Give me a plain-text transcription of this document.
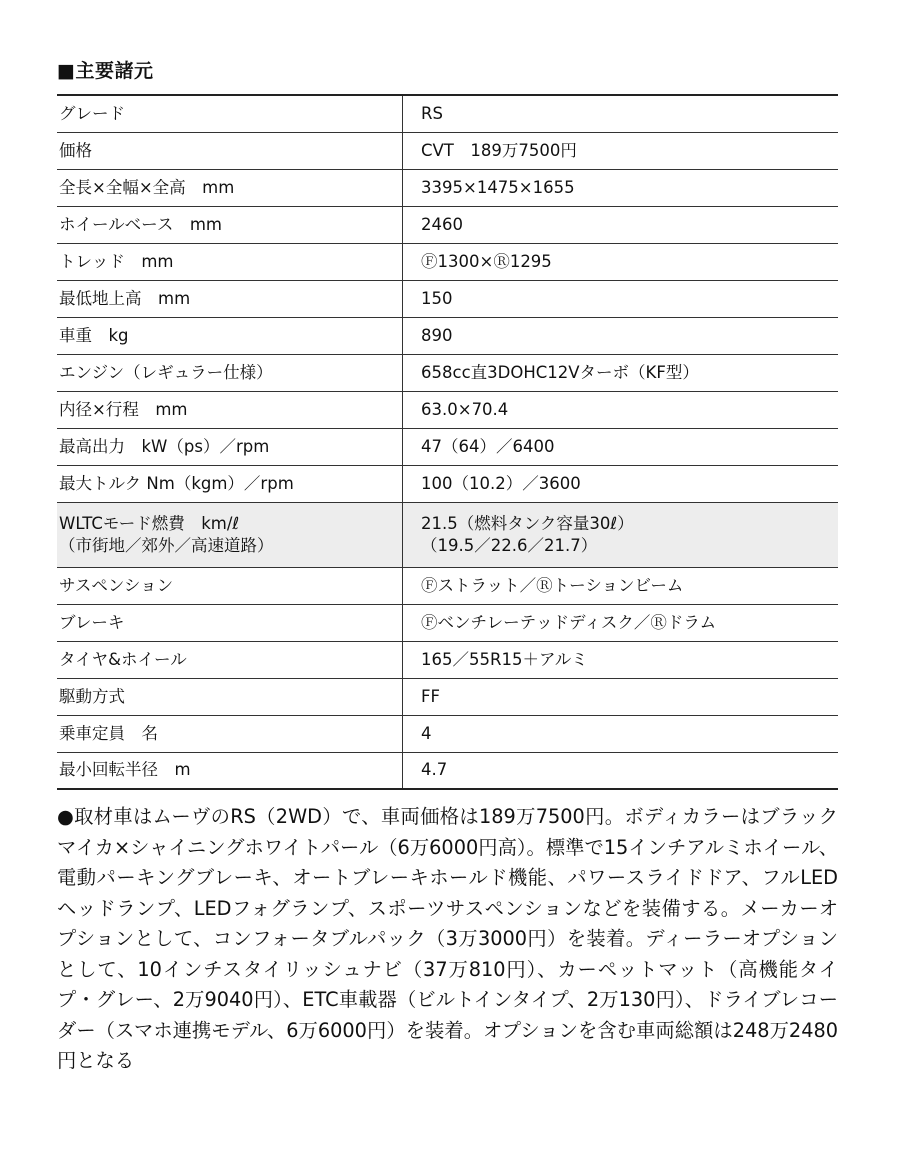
■主要諸元
グレード	RS

価格	CVT　189万7500円

全長×全幅×全高　mm	3395×1475×1655

ホイールベース　mm	2460

トレッド　mm	Ⓕ1300×Ⓡ1295

最低地上高　mm	150

車重　kg	890

エンジン（レギュラー仕様）	658cc直3DOHC12Vターボ（KF型）

内径×行程　mm	63.0×70.4

最高出力　kW（ps）／rpm	47（64）／6400

最大トルク Nm（kgm）／rpm	100（10.2）／3600

WLTCモード燃費　km/ℓ
（市街地／郊外／高速道路）	21.5（燃料タンク容量30ℓ）
（19.5／22.6／21.7）

サスペンション	Ⓕストラット／Ⓡトーションビーム

ブレーキ	Ⓕベンチレーテッドディスク／Ⓡドラム

タイヤ&ホイール	165／55R15＋アルミ

駆動方式	FF

乗車定員　名	4

最小回転半径　m	4.7
●取材車はムーヴのRS（2WD）で、車両価格は189万7500円。ボディカラーはブラックマイカ×シャイニングホワイトパール（6万6000円高）。標準で15インチアルミホイール、電動パーキングブレーキ、オートブレーキホールド機能、パワースライドドア、フルLEDヘッドランプ、LEDフォグランプ、スポーツサスペンションなどを装備する。メーカーオプションとして、コンフォータブルパック（3万3000円）を装着。ディーラーオプションとして、10インチスタイリッシュナビ（37万810円）、カーペットマット（高機能タイプ・グレー、2万9040円）、ETC車載器（ビルトインタイプ、2万130円）、ドライブレコーダー（スマホ連携モデル、6万6000円）を装着。オプションを含む車両総額は248万2480円となる
